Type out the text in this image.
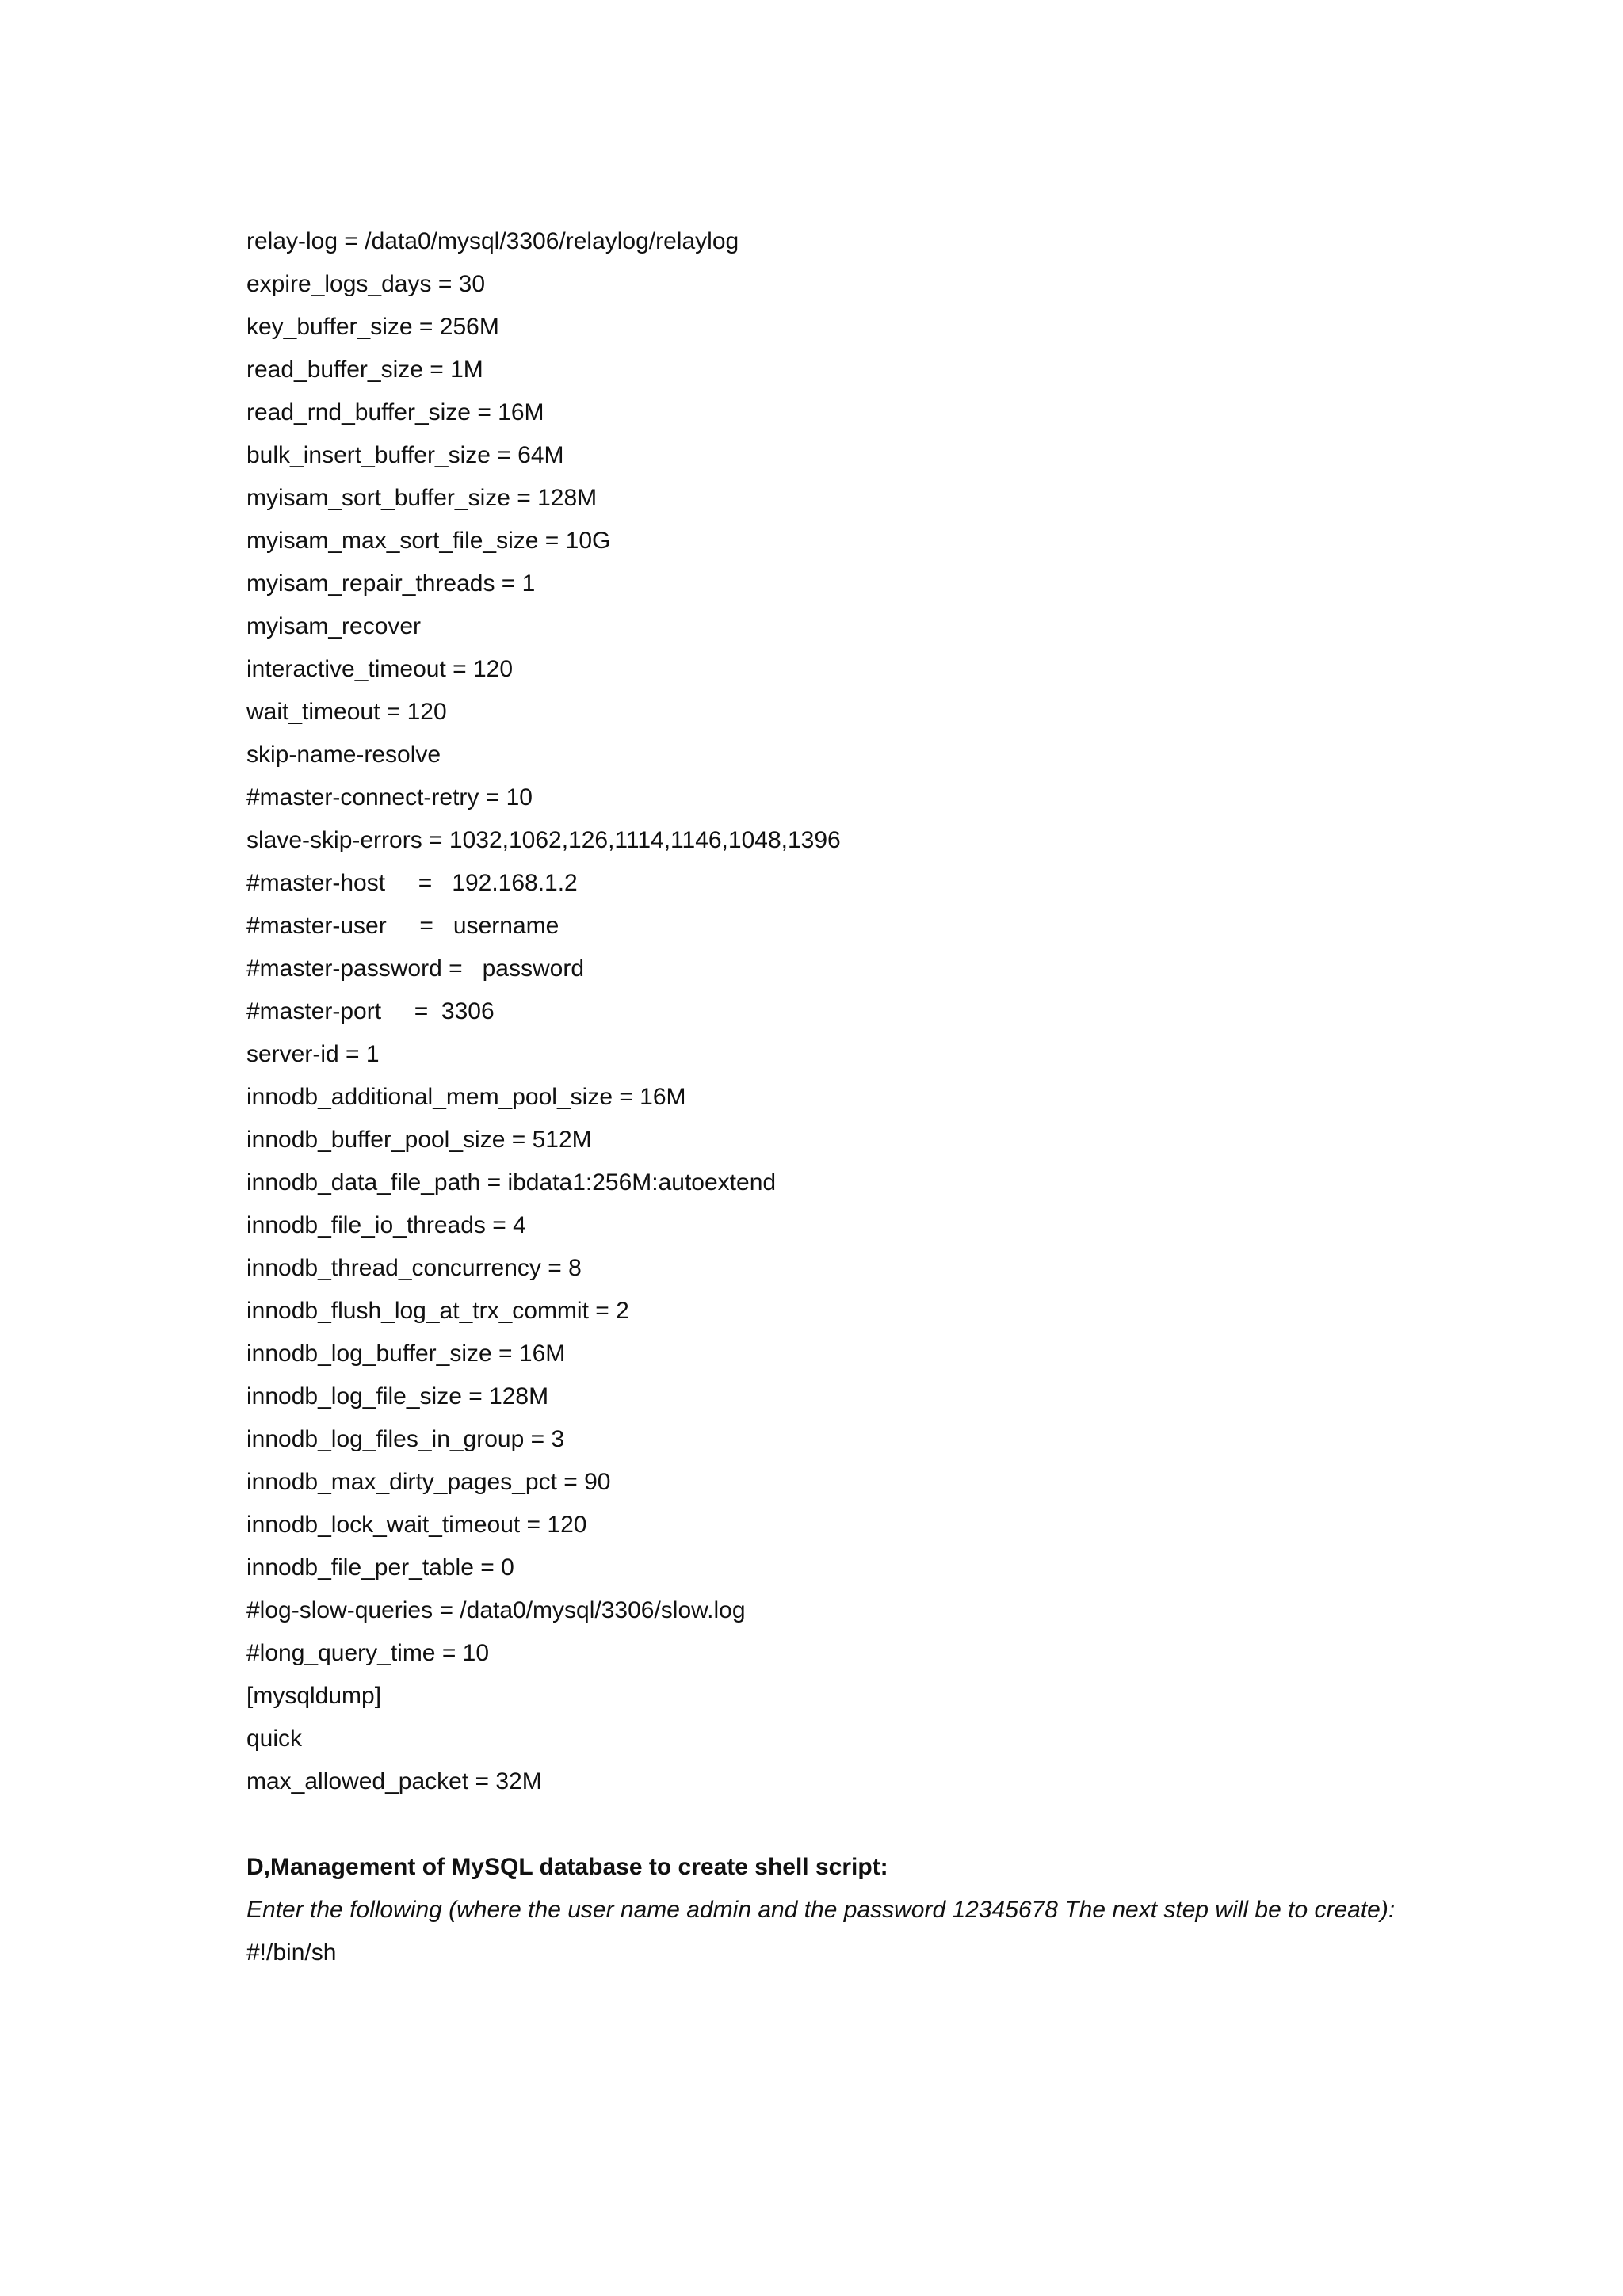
relay-log = /data0/mysql/3306/relaylog/relaylog

expire_logs_days = 30

key_buffer_size = 256M

read_buffer_size = 1M

read_rnd_buffer_size = 16M

bulk_insert_buffer_size = 64M

myisam_sort_buffer_size = 128M

myisam_max_sort_file_size = 10G

myisam_repair_threads = 1

myisam_recover

interactive_timeout = 120

wait_timeout = 120

skip-name-resolve

#master-connect-retry = 10

slave-skip-errors = 1032,1062,126,1114,1146,1048,1396

#master-host     =   192.168.1.2

#master-user     =   username

#master-password =   password

#master-port     =  3306

server-id = 1

innodb_additional_mem_pool_size = 16M

innodb_buffer_pool_size = 512M

innodb_data_file_path = ibdata1:256M:autoextend

innodb_file_io_threads = 4

innodb_thread_concurrency = 8

innodb_flush_log_at_trx_commit = 2

innodb_log_buffer_size = 16M

innodb_log_file_size = 128M

innodb_log_files_in_group = 3

innodb_max_dirty_pages_pct = 90

innodb_lock_wait_timeout = 120

innodb_file_per_table = 0

#log-slow-queries = /data0/mysql/3306/slow.log

#long_query_time = 10

[mysqldump]

quick

max_allowed_packet = 32M

D,Management of MySQL database to create shell script:

Enter the following (where the user name admin and the password 12345678 The next step will be to create):

#!/bin/sh
